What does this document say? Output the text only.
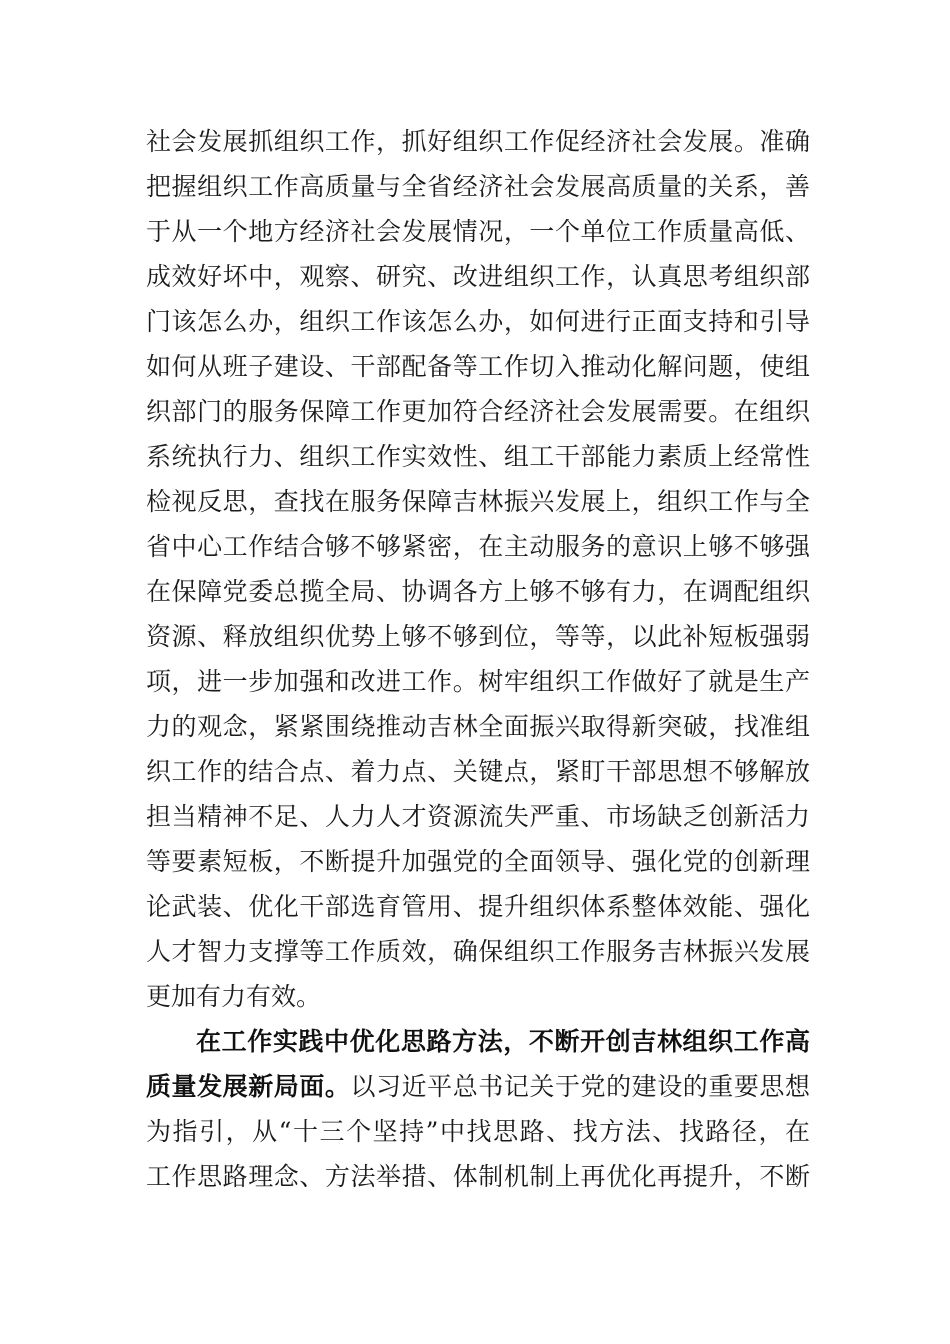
社会发展抓组织工作，抓好组织工作促经济社会发展。准确
把握组织工作高质量与全省经济社会发展高质量的关系，善
于从一个地方经济社会发展情况，一个单位工作质量高低、
成效好坏中，观察、研究、改进组织工作，认真思考组织部
门该怎么办，组织工作该怎么办，如何进行正面支持和引导
如何从班子建设、干部配备等工作切入推动化解问题，使组
织部门的服务保障工作更加符合经济社会发展需要。在组织
系统执行力、组织工作实效性、组工干部能力素质上经常性
检视反思，查找在服务保障吉林振兴发展上，组织工作与全
省中心工作结合够不够紧密，在主动服务的意识上够不够强
在保障党委总揽全局、协调各方上够不够有力，在调配组织
资源、释放组织优势上够不够到位，等等，以此补短板强弱
项，进一步加强和改进工作。树牢组织工作做好了就是生产
力的观念，紧紧围绕推动吉林全面振兴取得新突破，找准组
织工作的结合点、着力点、关键点，紧盯干部思想不够解放
担当精神不足、人力人才资源流失严重、市场缺乏创新活力
等要素短板，不断提升加强党的全面领导、强化党的创新理
论武装、优化干部选育管用、提升组织体系整体效能、强化
人才智力支撑等工作质效，确保组织工作服务吉林振兴发展
更加有力有效。
在工作实践中优化思路方法，不断开创吉林组织工作高
质量发展新局面。以习近平总书记关于党的建设的重要思想
为指引，从“十三个坚持”中找思路、找方法、找路径，在
工作思路理念、方法举措、体制机制上再优化再提升，不断
